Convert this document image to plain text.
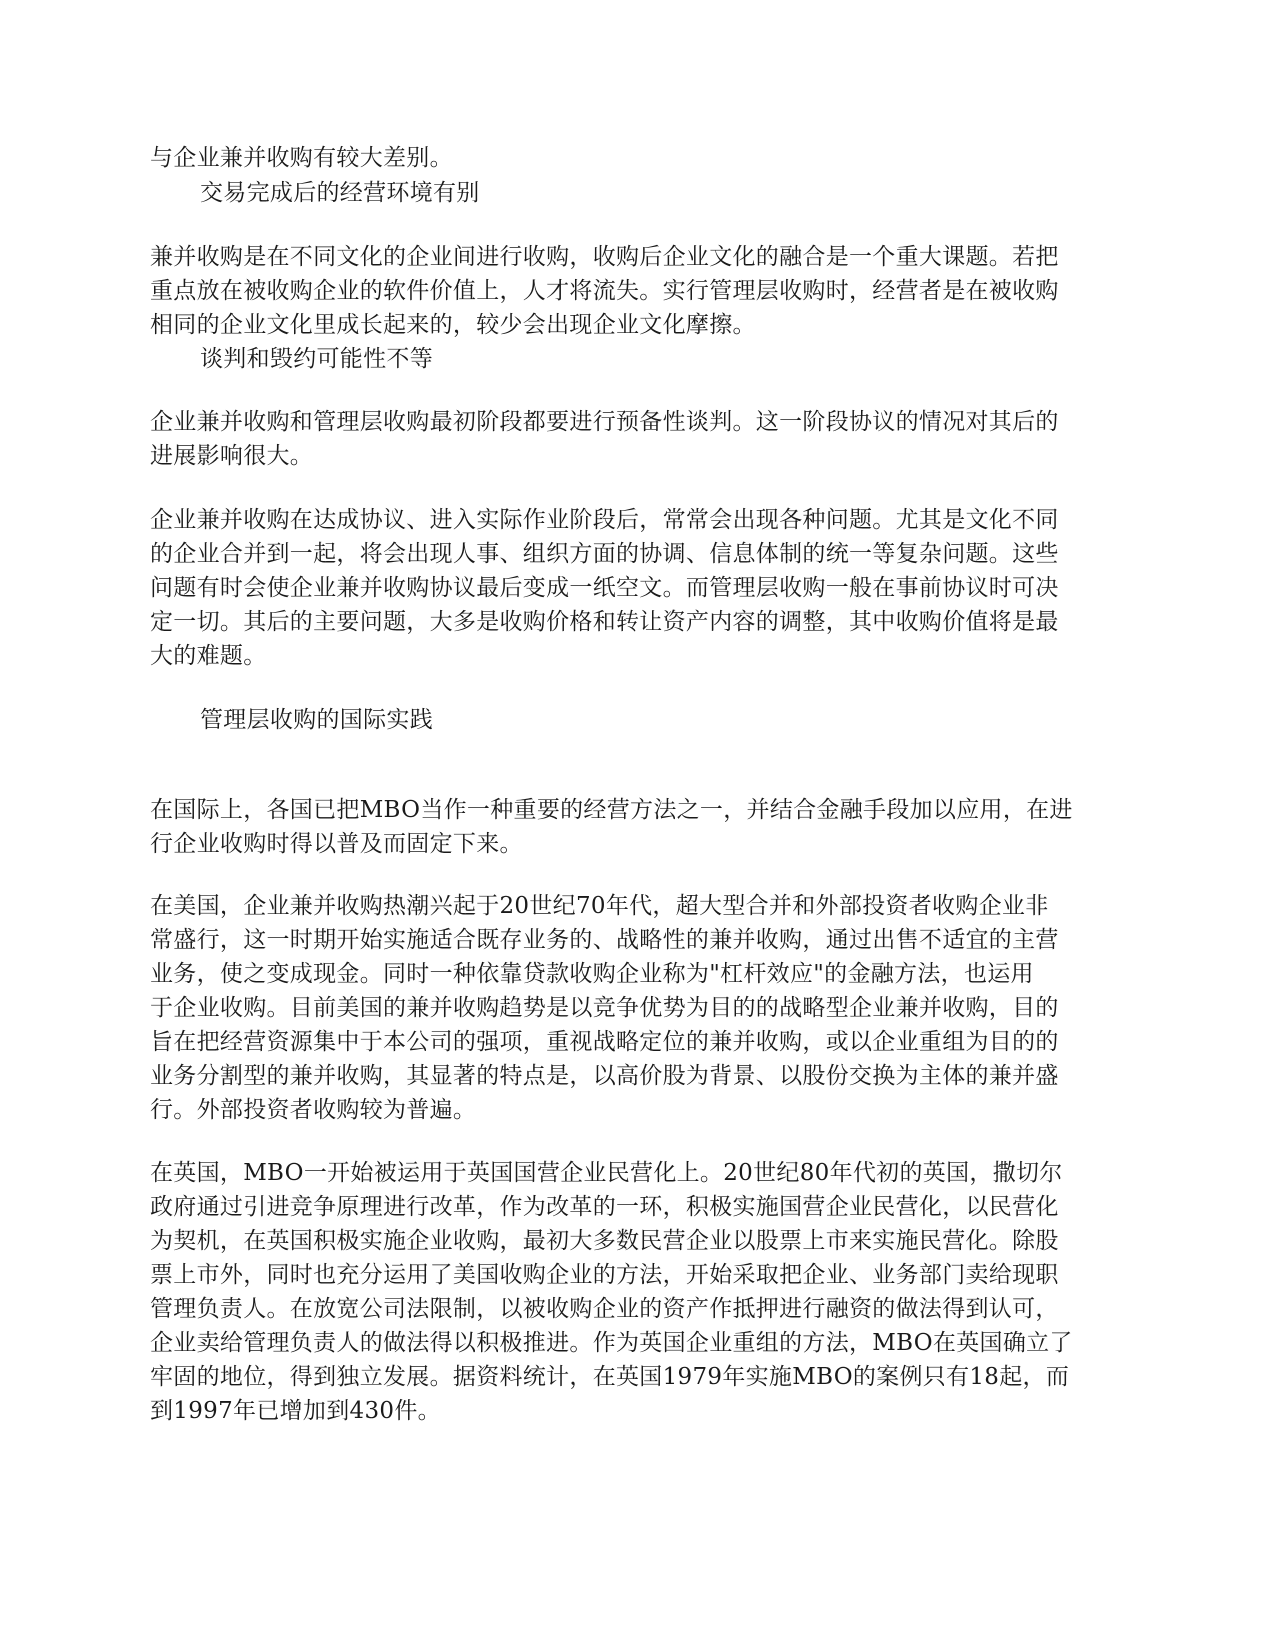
与企业兼并收购有较大差别。
交易完成后的经营环境有别
兼并收购是在不同文化的企业间进行收购，收购后企业文化的融合是一个重大课题。若把
重点放在被收购企业的软件价值上，人才将流失。实行管理层收购时，经营者是在被收购
相同的企业文化里成长起来的，较少会出现企业文化摩擦。
谈判和毁约可能性不等
企业兼并收购和管理层收购最初阶段都要进行预备性谈判。这一阶段协议的情况对其后的
进展影响很大。
企业兼并收购在达成协议、进入实际作业阶段后，常常会出现各种问题。尤其是文化不同
的企业合并到一起，将会出现人事、组织方面的协调、信息体制的统一等复杂问题。这些
问题有时会使企业兼并收购协议最后变成一纸空文。而管理层收购一般在事前协议时可决
定一切。其后的主要问题，大多是收购价格和转让资产内容的调整，其中收购价值将是最
大的难题。
管理层收购的国际实践
在国际上，各国已把MBO当作一种重要的经营方法之一，并结合金融手段加以应用，在进
行企业收购时得以普及而固定下来。
在美国，企业兼并收购热潮兴起于20世纪70年代，超大型合并和外部投资者收购企业非
常盛行，这一时期开始实施适合既存业务的、战略性的兼并收购，通过出售不适宜的主营
业务，使之变成现金。同时一种依靠贷款收购企业称为"杠杆效应"的金融方法，也运用
于企业收购。目前美国的兼并收购趋势是以竞争优势为目的的战略型企业兼并收购，目的
旨在把经营资源集中于本公司的强项，重视战略定位的兼并收购，或以企业重组为目的的
业务分割型的兼并收购，其显著的特点是，以高价股为背景、以股份交换为主体的兼并盛
行。外部投资者收购较为普遍。
在英国，MBO一开始被运用于英国国营企业民营化上。20世纪80年代初的英国，撒切尔
政府通过引进竞争原理进行改革，作为改革的一环，积极实施国营企业民营化，以民营化
为契机，在英国积极实施企业收购，最初大多数民营企业以股票上市来实施民营化。除股
票上市外，同时也充分运用了美国收购企业的方法，开始采取把企业、业务部门卖给现职
管理负责人。在放宽公司法限制，以被收购企业的资产作抵押进行融资的做法得到认可，
企业卖给管理负责人的做法得以积极推进。作为英国企业重组的方法，MBO在英国确立了
牢固的地位，得到独立发展。据资料统计，在英国1979年实施MBO的案例只有18起，而
到1997年已增加到430件。
